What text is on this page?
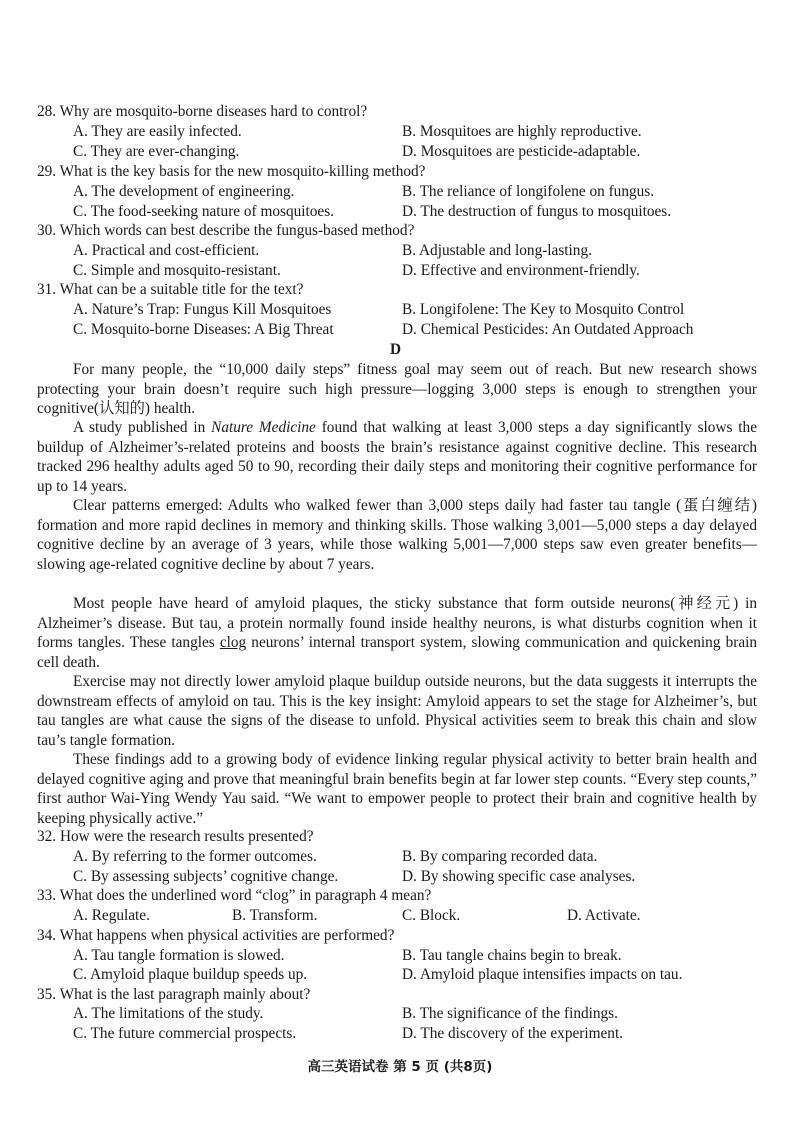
28. Why are mosquito-borne diseases hard to control?
A. They are easily infected.	B. Mosquitoes are highly reproductive.
C. They are ever-changing.	D. Mosquitoes are pesticide-adaptable.
29. What is the key basis for the new mosquito-killing method?
A. The development of engineering.	B. The reliance of longifolene on fungus.
C. The food-seeking nature of mosquitoes.	D. The destruction of fungus to mosquitoes.
30. Which words can best describe the fungus-based method?
A. Practical and cost-efficient.	B. Adjustable and long-lasting.
C. Simple and mosquito-resistant.	D. Effective and environment-friendly.
31. What can be a suitable title for the text?
A. Nature’s Trap: Fungus Kill Mosquitoes	B. Longifolene: The Key to Mosquito Control
C. Mosquito-borne Diseases: A Big Threat	D. Chemical Pesticides: An Outdated Approach
D
For many people, the “10,000 daily steps” fitness goal may seem out of reach. But new research shows protecting your brain doesn’t require such high pressure—logging 3,000 steps is enough to strengthen your cognitive(认知的) health.
A study published in Nature Medicine found that walking at least 3,000 steps a day significantly slows the buildup of Alzheimer’s-related proteins and boosts the brain’s resistance against cognitive decline. This research tracked 296 healthy adults aged 50 to 90, recording their daily steps and monitoring their cognitive performance for up to 14 years.
Clear patterns emerged: Adults who walked fewer than 3,000 steps daily had faster tau tangle (蛋白缠结) formation and more rapid declines in memory and thinking skills. Those walking 3,001—5,000 steps a day delayed cognitive decline by an average of 3 years, while those walking 5,001—7,000 steps saw even greater benefits— slowing age-related cognitive decline by about 7 years.
Most people have heard of amyloid plaques, the sticky substance that form outside neurons(神经元) in Alzheimer’s disease. But tau, a protein normally found inside healthy neurons, is what disturbs cognition when it forms tangles. These tangles clog neurons’ internal transport system, slowing communication and quickening brain cell death.
Exercise may not directly lower amyloid plaque buildup outside neurons, but the data suggests it interrupts the downstream effects of amyloid on tau. This is the key insight: Amyloid appears to set the stage for Alzheimer’s, but tau tangles are what cause the signs of the disease to unfold. Physical activities seem to break this chain and slow tau’s tangle formation.
These findings add to a growing body of evidence linking regular physical activity to better brain health and delayed cognitive aging and prove that meaningful brain benefits begin at far lower step counts. “Every step counts,” first author Wai-Ying Wendy Yau said. “We want to empower people to protect their brain and cognitive health by keeping physically active.”
32. How were the research results presented?
A. By referring to the former outcomes.	B. By comparing recorded data.
C. By assessing subjects’ cognitive change.	D. By showing specific case analyses.
33. What does the underlined word “clog” in paragraph 4 mean?
A. Regulate.	B. Transform.	C. Block.	D. Activate.
34. What happens when physical activities are performed?
A. Tau tangle formation is slowed.	B. Tau tangle chains begin to break.
C. Amyloid plaque buildup speeds up.	D. Amyloid plaque intensifies impacts on tau.
35. What is the last paragraph mainly about?
A. The limitations of the study.	B. The significance of the findings.
C. The future commercial prospects.	D. The discovery of the experiment.
高三英语试卷 第 5 页 (共8页)
